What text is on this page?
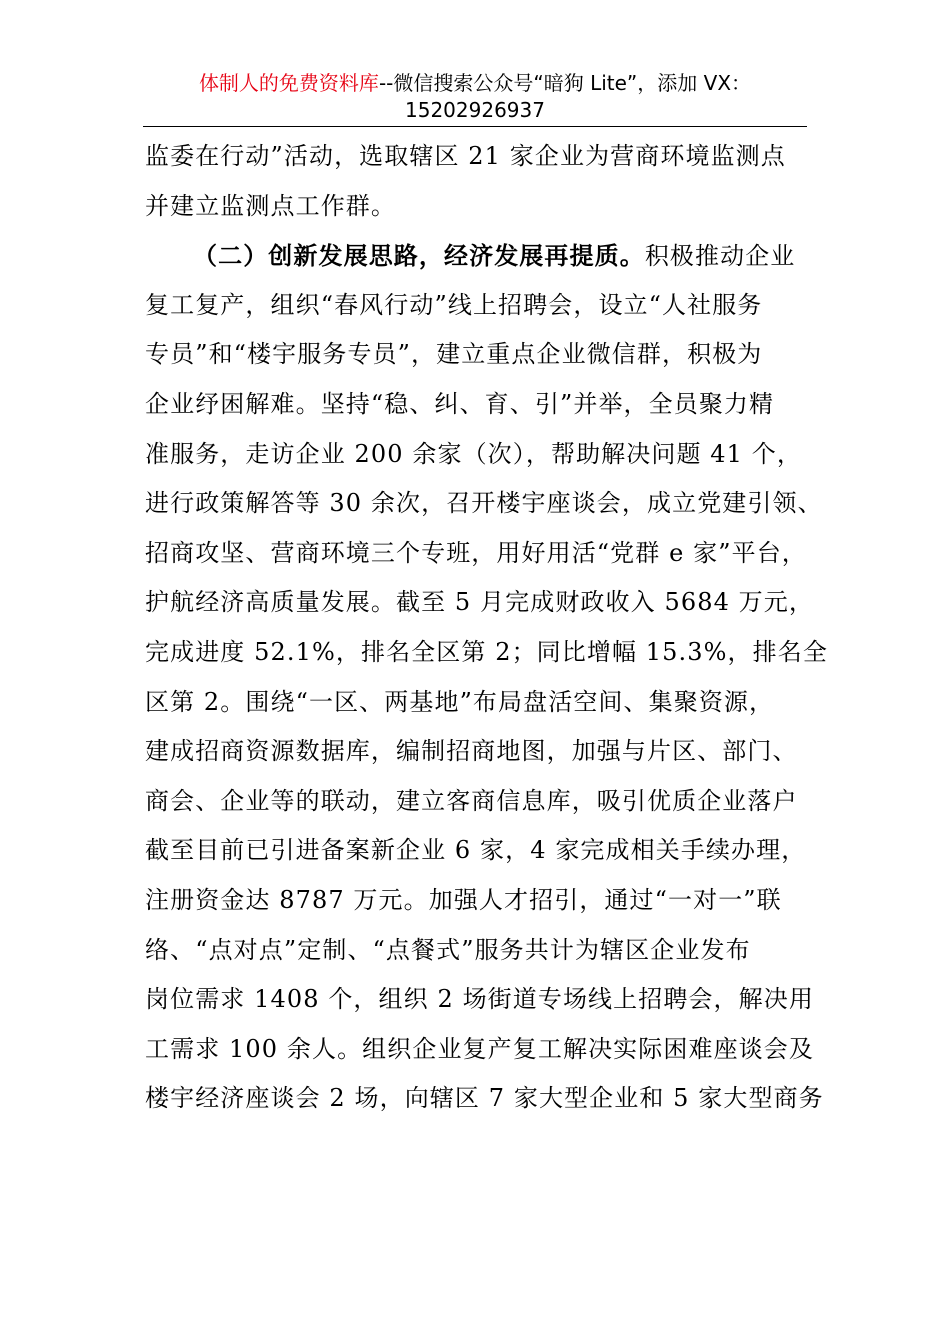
体制人的免费资料库--微信搜索公众号“暗狗 Lite”，添加 VX：
15202926937
监委在行动”活动，选取辖区 21 家企业为营商环境监测点
并建立监测点工作群。
（二）创新发展思路，经济发展再提质。积极推动企业
复工复产，组织“春风行动”线上招聘会，设立“人社服务
专员”和“楼宇服务专员”，建立重点企业微信群，积极为
企业纾困解难。坚持“稳、纠、育、引”并举，全员聚力精
准服务，走访企业 200 余家（次），帮助解决问题 41 个，
进行政策解答等 30 余次，召开楼宇座谈会，成立党建引领、
招商攻坚、营商环境三个专班，用好用活“党群 e 家”平台，
护航经济高质量发展。截至 5 月完成财政收入 5684 万元，
完成进度 52.1%，排名全区第 2；同比增幅 15.3%，排名全
区第 2。围绕“一区、两基地”布局盘活空间、集聚资源，
建成招商资源数据库，编制招商地图，加强与片区、部门、
商会、企业等的联动，建立客商信息库，吸引优质企业落户
截至目前已引进备案新企业 6 家，4 家完成相关手续办理，
注册资金达 8787 万元。加强人才招引，通过“一对一”联
络、“点对点”定制、“点餐式”服务共计为辖区企业发布
岗位需求 1408 个，组织 2 场街道专场线上招聘会，解决用
工需求 100 余人。组织企业复产复工解决实际困难座谈会及
楼宇经济座谈会 2 场，向辖区 7 家大型企业和 5 家大型商务
